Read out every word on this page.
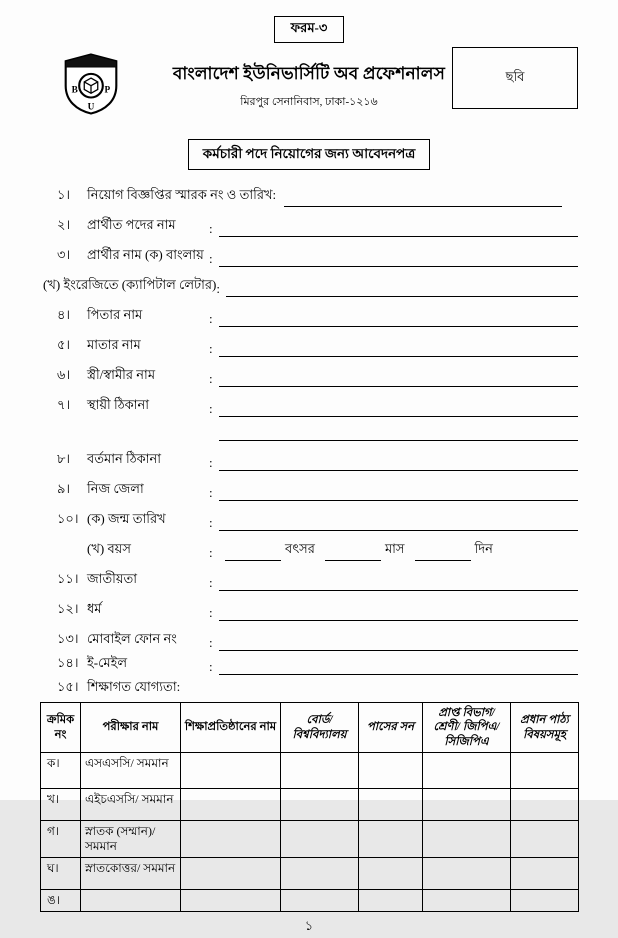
ফরম-৩
B
U
P
বাংলাদেশ ইউনিভার্সিটি অব প্রফেশনালস
মিরপুর সেনানিবাস, ঢাকা-১২১৬
ছবি
কর্মচারী পদে নিয়োগের জন্য আবেদনপত্র
১।	নিয়োগ বিজ্ঞপ্তির স্মারক নং ও তারিখ:
২।	প্রার্থীত পদের নাম	:
৩।	প্রার্থীর নাম (ক) বাংলায় :
(খ) ইংরেজিতে (ক্যাপিটাল লেটার) :
৪।	পিতার নাম	:
৫।	মাতার নাম	:
৬।	স্ত্রী/স্বামীর নাম	:
৭।	স্থায়ী ঠিকানা	:
৮।	বর্তমান ঠিকানা	:
৯।	নিজ জেলা	:
১০। (ক) জন্ম তারিখ	:
(খ) বয়স	:	বৎসর	মাস	দিন
১১। জাতীয়তা	:
১২। ধর্ম	:
১৩। মোবাইল ফোন নং	:
১৪। ই-মেইল	:
১৫। শিক্ষাগত যোগ্যতা:
ক্রমিক নং	পরীক্ষার নাম	শিক্ষাপ্রতিষ্ঠানের নাম	বোর্ড/ বিশ্ববিদ্যালয়	পাসের সন	প্রাপ্ত বিভাগ/ শ্রেণী/ জিপিএ/ সিজিপিএ	প্রধান পাঠ্য বিষয়সমূহ
ক।	এসএসসি/ সমমান					
খ।	এইচএসসি/ সমমান					
গ।	স্নাতক (সম্মান)/ সমমান					
ঘ।	স্নাতকোত্তর/ সমমান					
ঙ।						
১
